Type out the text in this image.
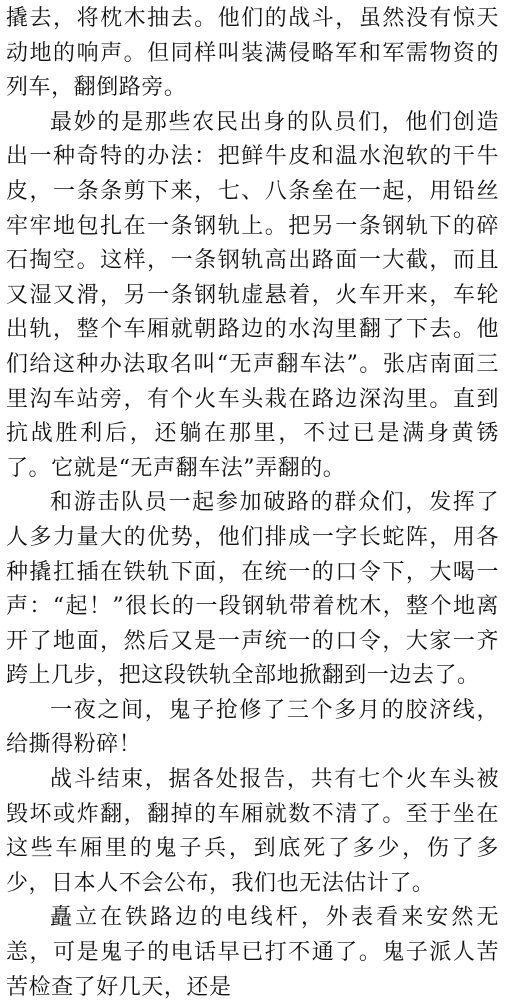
撬去，将枕木抽去。他们的战斗，虽然没有惊天动地的响声。但同样叫装满侵略军和军需物资的列车，翻倒路旁。

最妙的是那些农民出身的队员们，他们创造出一种奇特的办法：把鲜牛皮和温水泡软的干牛皮，一条条剪下来，七、八条垒在一起，用铅丝牢牢地包扎在一条钢轨上。把另一条钢轨下的碎石掏空。这样，一条钢轨高出路面一大截，而且又湿又滑，另一条钢轨虚悬着，火车开来，车轮出轨，整个车厢就朝路边的水沟里翻了下去。他们给这种办法取名叫“无声翻车法”。张店南面三里沟车站旁，有个火车头栽在路边深沟里。直到抗战胜利后，还躺在那里，不过已是满身黄锈了。它就是“无声翻车法”弄翻的。

和游击队员一起参加破路的群众们，发挥了人多力量大的优势，他们排成一字长蛇阵，用各种撬扛插在铁轨下面，在统一的口令下，大喝一声：“起！”很长的一段钢轨带着枕木，整个地离开了地面，然后又是一声统一的口令，大家一齐跨上几步，把这段铁轨全部地掀翻到一边去了。

一夜之间，鬼子抢修了三个多月的胶济线，给撕得粉碎！

战斗结束，据各处报告，共有七个火车头被毁坏或炸翻，翻掉的车厢就数不清了。至于坐在这些车厢里的鬼子兵，到底死了多少，伤了多少，日本人不会公布，我们也无法估计了。

矗立在铁路边的电线杆，外表看来安然无恙，可是鬼子的电话早已打不通了。鬼子派人苦苦检查了好几天，还是
